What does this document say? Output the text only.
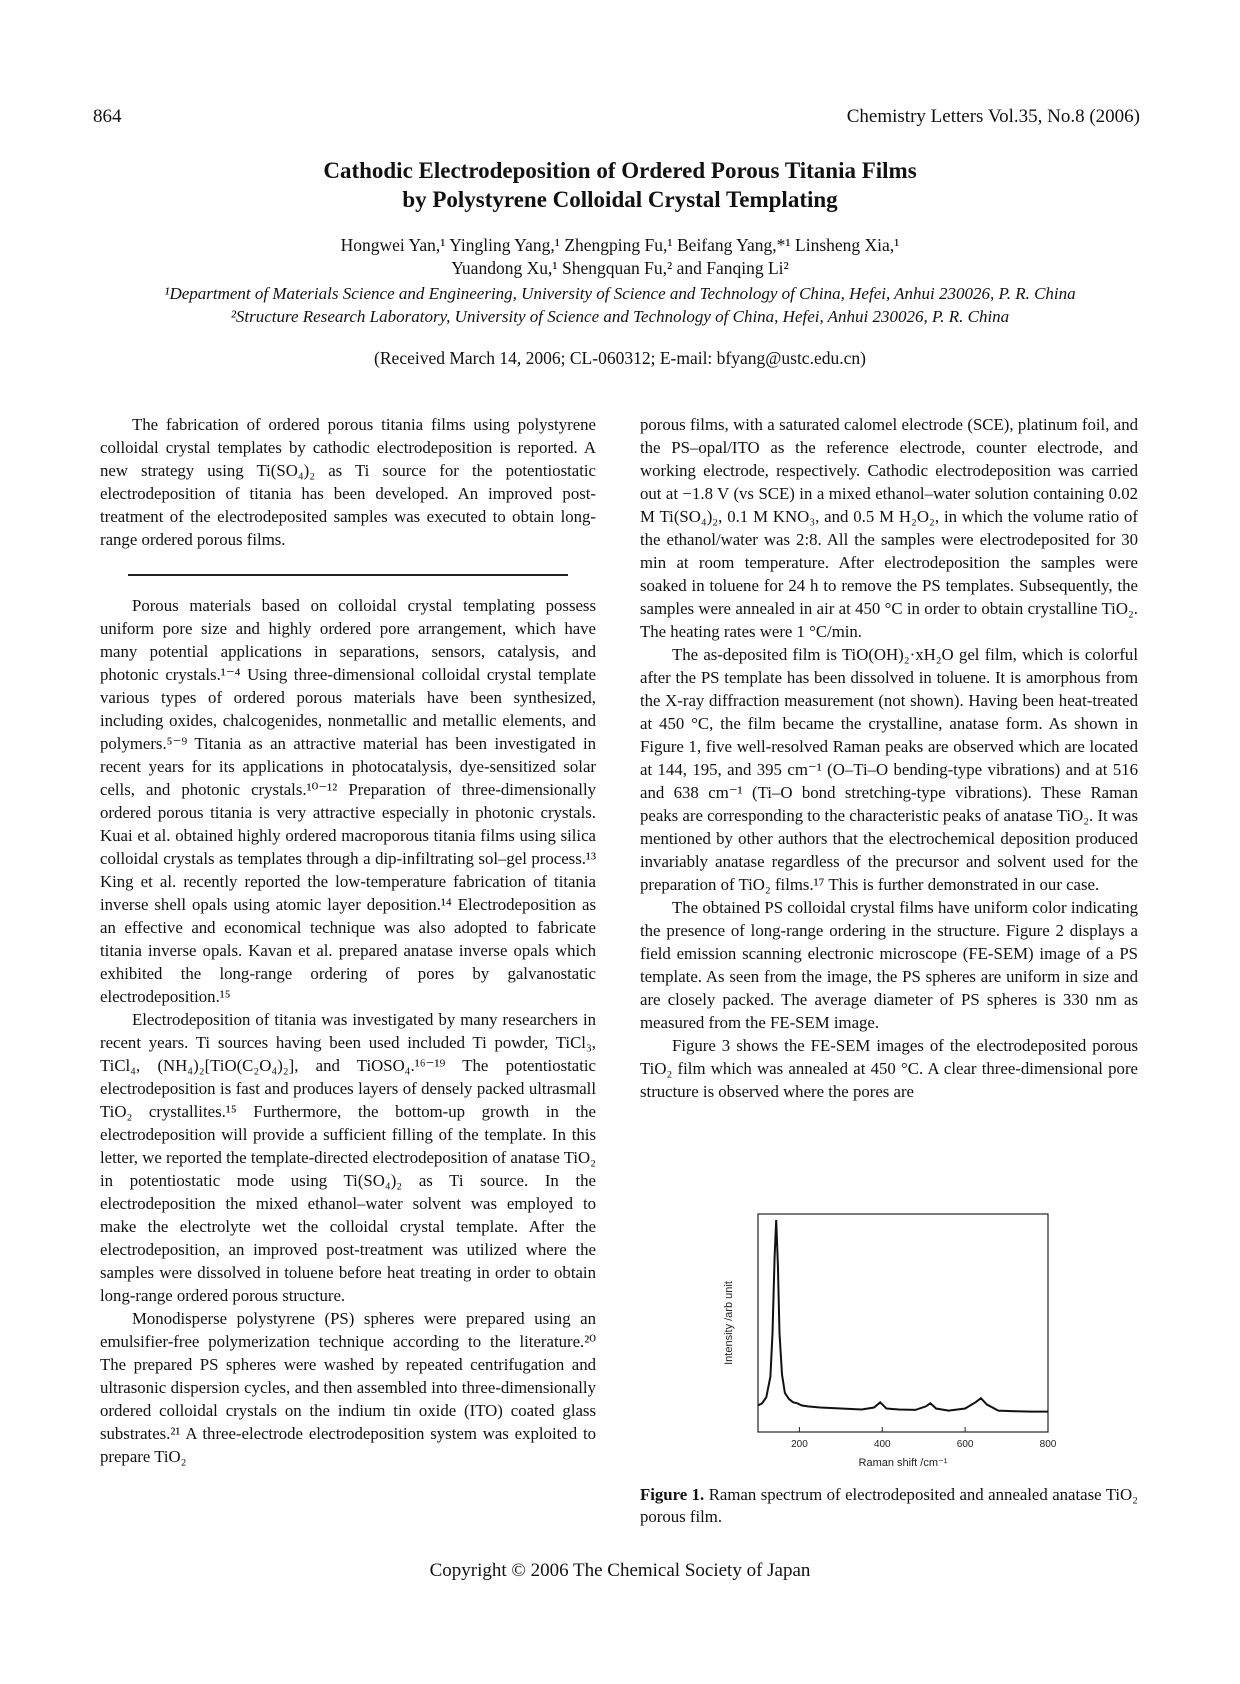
864	Chemistry Letters Vol.35, No.8 (2006)
Cathodic Electrodeposition of Ordered Porous Titania Films
by Polystyrene Colloidal Crystal Templating
Hongwei Yan,¹ Yingling Yang,¹ Zhengping Fu,¹ Beifang Yang,*¹ Linsheng Xia,¹
Yuandong Xu,¹ Shengquan Fu,² and Fanqing Li²
¹Department of Materials Science and Engineering, University of Science and Technology of China, Hefei, Anhui 230026, P. R. China
²Structure Research Laboratory, University of Science and Technology of China, Hefei, Anhui 230026, P. R. China
(Received March 14, 2006; CL-060312; E-mail: bfyang@ustc.edu.cn)

The fabrication of ordered porous titania films using polystyrene colloidal crystal templates by cathodic electrodeposition is reported. A new strategy using Ti(SO₄)₂ as Ti source for the potentiostatic electrodeposition of titania has been developed. An improved post-treatment of the electrodeposited samples was executed to obtain long-range ordered porous films.

Porous materials based on colloidal crystal templating possess uniform pore size and highly ordered pore arrangement, which have many potential applications in separations, sensors, catalysis, and photonic crystals.¹⁻⁴ Using three-dimensional colloidal crystal template various types of ordered porous materials have been synthesized, including oxides, chalcogenides, nonmetallic and metallic elements, and polymers.⁵⁻⁹ Titania as an attractive material has been investigated in recent years for its applications in photocatalysis, dye-sensitized solar cells, and photonic crystals.¹⁰⁻¹² Preparation of three-dimensionally ordered porous titania is very attractive especially in photonic crystals. Kuai et al. obtained highly ordered macroporous titania films using silica colloidal crystals as templates through a dip-infiltrating sol–gel process.¹³ King et al. recently reported the low-temperature fabrication of titania inverse shell opals using atomic layer deposition.¹⁴ Electrodeposition as an effective and economical technique was also adopted to fabricate titania inverse opals. Kavan et al. prepared anatase inverse opals which exhibited the long-range ordering of pores by galvanostatic electrodeposition.¹⁵

Electrodeposition of titania was investigated by many researchers in recent years. Ti sources having been used included Ti powder, TiCl₃, TiCl₄, (NH₄)₂[TiO(C₂O₄)₂], and TiOSO₄.¹⁶⁻¹⁹ The potentiostatic electrodeposition is fast and produces layers of densely packed ultrasmall TiO₂ crystallites.¹⁵ Furthermore, the bottom-up growth in the electrodeposition will provide a sufficient filling of the template. In this letter, we reported the template-directed electrodeposition of anatase TiO₂ in potentiostatic mode using Ti(SO₄)₂ as Ti source. In the electrodeposition the mixed ethanol–water solvent was employed to make the electrolyte wet the colloidal crystal template. After the electrodeposition, an improved post-treatment was utilized where the samples were dissolved in toluene before heat treating in order to obtain long-range ordered porous structure.

Monodisperse polystyrene (PS) spheres were prepared using an emulsifier-free polymerization technique according to the literature.²⁰ The prepared PS spheres were washed by repeated centrifugation and ultrasonic dispersion cycles, and then assembled into three-dimensionally ordered colloidal crystals on the indium tin oxide (ITO) coated glass substrates.²¹ A three-electrode electrodeposition system was exploited to prepare TiO₂

porous films, with a saturated calomel electrode (SCE), platinum foil, and the PS–opal/ITO as the reference electrode, counter electrode, and working electrode, respectively. Cathodic electrodeposition was carried out at −1.8 V (vs SCE) in a mixed ethanol–water solution containing 0.02 M Ti(SO₄)₂, 0.1 M KNO₃, and 0.5 M H₂O₂, in which the volume ratio of the ethanol/water was 2:8. All the samples were electrodeposited for 30 min at room temperature. After electrodeposition the samples were soaked in toluene for 24 h to remove the PS templates. Subsequently, the samples were annealed in air at 450 °C in order to obtain crystalline TiO₂. The heating rates were 1 °C/min.

The as-deposited film is TiO(OH)₂·xH₂O gel film, which is colorful after the PS template has been dissolved in toluene. It is amorphous from the X-ray diffraction measurement (not shown). Having been heat-treated at 450 °C, the film became the crystalline, anatase form. As shown in Figure 1, five well-resolved Raman peaks are observed which are located at 144, 195, and 395 cm⁻¹ (O–Ti–O bending-type vibrations) and at 516 and 638 cm⁻¹ (Ti–O bond stretching-type vibrations). These Raman peaks are corresponding to the characteristic peaks of anatase TiO₂. It was mentioned by other authors that the electrochemical deposition produced invariably anatase regardless of the precursor and solvent used for the preparation of TiO₂ films.¹⁷ This is further demonstrated in our case.

The obtained PS colloidal crystal films have uniform color indicating the presence of long-range ordering in the structure. Figure 2 displays a field emission scanning electronic microscope (FE-SEM) image of a PS template. As seen from the image, the PS spheres are uniform in size and are closely packed. The average diameter of PS spheres is 330 nm as measured from the FE-SEM image.

Figure 3 shows the FE-SEM images of the electrodeposited porous TiO₂ film which was annealed at 450 °C. A clear three-dimensional pore structure is observed where the pores are

200	400	600	800
Raman shift /cm⁻¹
Intensity /arb unit
Figure 1. Raman spectrum of electrodeposited and annealed anatase TiO₂ porous film.
Copyright © 2006 The Chemical Society of Japan
